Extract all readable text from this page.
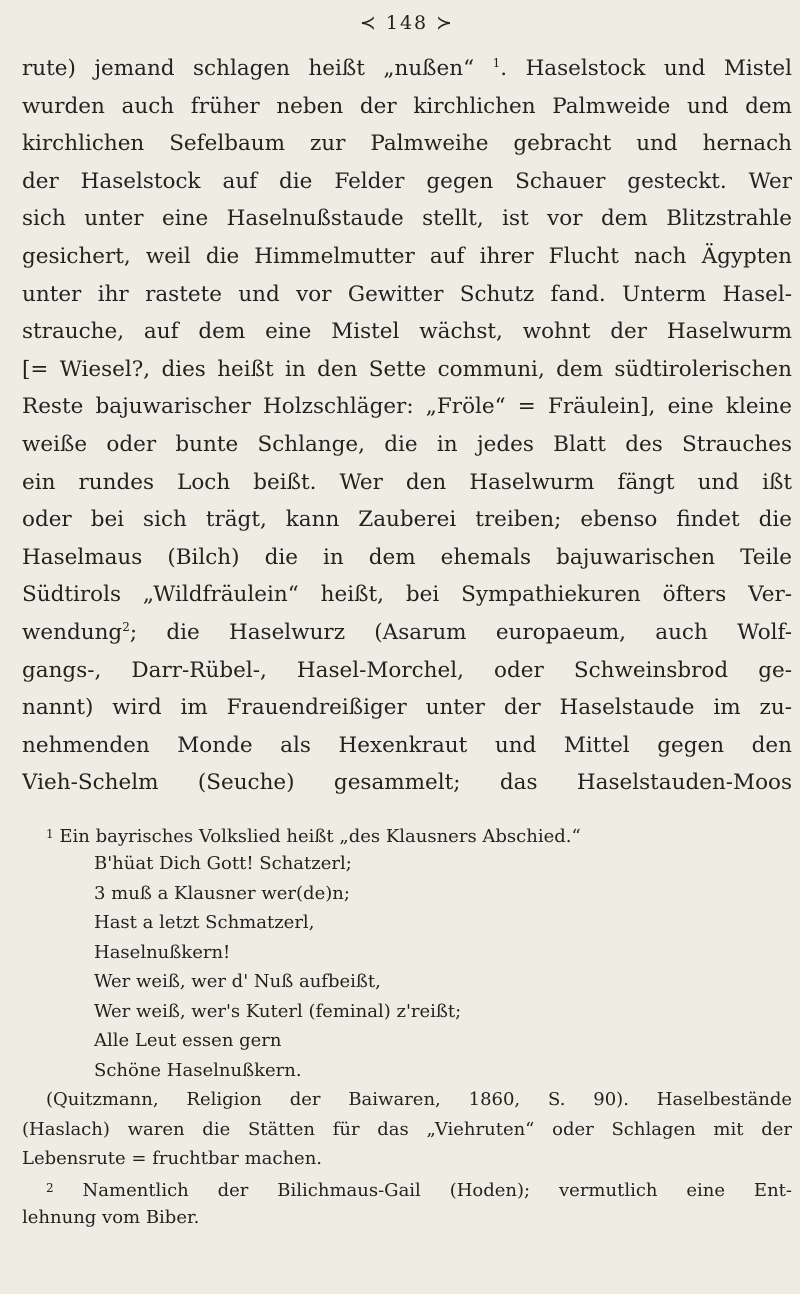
≺ 148 ≻
rute) jemand schlagen heißt „nußen“ $^1$. Haselstock und Mistel
wurden auch früher neben der kirchlichen Palmweide und dem
kirchlichen Sefelbaum zur Palmweihe gebracht und hernach
der Haselstock auf die Felder gegen Schauer gesteckt. Wer
sich unter eine Haselnußstaude stellt, ist vor dem Blitzstrahle
gesichert, weil die Himmelmutter auf ihrer Flucht nach Ägypten
unter ihr rastete und vor Gewitter Schutz fand. Unterm Hasel-
strauche, auf dem eine Mistel wächst, wohnt der Haselwurm
[= Wiesel?, dies heißt in den Sette communi, dem südtirolerischen
Reste bajuwarischer Holzschläger: „Fröle“ = Fräulein], eine kleine
weiße oder bunte Schlange, die in jedes Blatt des Strauches
ein rundes Loch beißt. Wer den Haselwurm fängt und ißt
oder bei sich trägt, kann Zauberei treiben; ebenso findet die
Haselmaus (Bilch) die in dem ehemals bajuwarischen Teile
Südtirols „Wildfräulein“ heißt, bei Sympathiekuren öfters Ver-
wendung$^2$; die Haselwurz (Asarum europaeum, auch Wolf-
gangs-, Darr-Rübel-, Hasel-Morchel, oder Schweinsbrod ge-
nannt) wird im Frauendreißiger unter der Haselstaude im zu-
nehmenden Monde als Hexenkraut und Mittel gegen den
Vieh-Schelm (Seuche) gesammelt; das Haselstauden-Moos
$^1$ Ein bayrisches Volkslied heißt „des Klausners Abschied.“
B'hüat Dich Gott! Schatzerl;
3 muß a Klausner wer(de)n;
Hast a letzt Schmatzerl,
Haselnußkern!
Wer weiß, wer d' Nuß aufbeißt,
Wer weiß, wer's Kuterl (feminal) z'reißt;
Alle Leut essen gern
Schöne Haselnußkern.
(Quitzmann, Religion der Baiwaren, 1860, S. 90). Haselbeständе
(Haslach) waren die Stätten für das „Viehruten“ oder Schlagen mit der
Lebensrute = fruchtbar machen.
$^2$ Namentlich der Bilichmaus-Gail (Hoden); vermutlich eine Ent-
lehnung vom Biber.
